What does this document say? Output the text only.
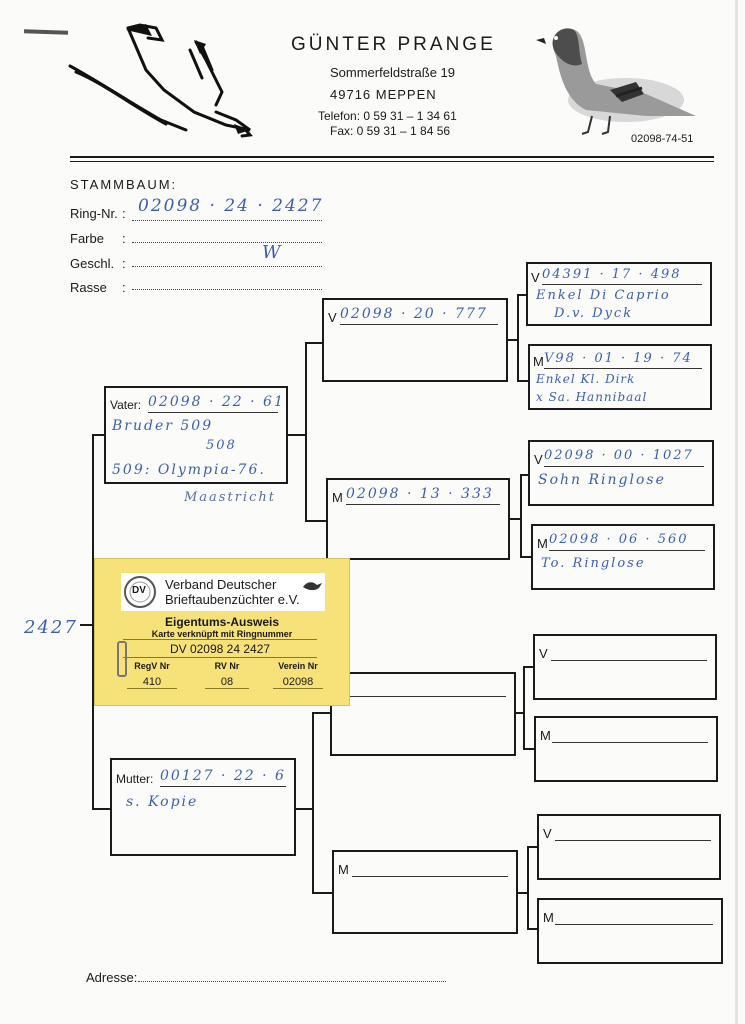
GÜNTER PRANGE
Sommerfeldstraße 19
49716 MEPPEN
Telefon: 0 59 31 – 1 34 61
Fax: 0 59 31 – 1 84 56
02098-74-51
STAMMBAUM:
Ring-Nr. : 02098 · 24 · 2427
Farbe :
Geschl. :
W
Rasse :
2427
Vater: 02098 · 22 · 61
Bruder 509
508
509: Olympia-76.
Maastricht
Mutter: 00127 · 22 · 6
s. Kopie
V 02098 · 20 · 777
M 02098 · 13 · 333
M
V 04391 · 17 · 498
Enkel Di Caprio
D.v. Dyck
M V98 · 01 · 19 · 74
Enkel Kl. Dirk
x Sa. Hannibaal
V 02098 · 00 · 1027
Sohn Ringlose
M 02098 · 06 · 560
To. Ringlose
V
M
V
M
DV Verband Deutscher
Brieftaubenzüchter e.V.
Eigentums-Ausweis
Karte verknüpft mit Ringnummer
DV 02098 24 2427
RegV Nr	RV Nr	Verein Nr
410	08	02098
Adresse:
